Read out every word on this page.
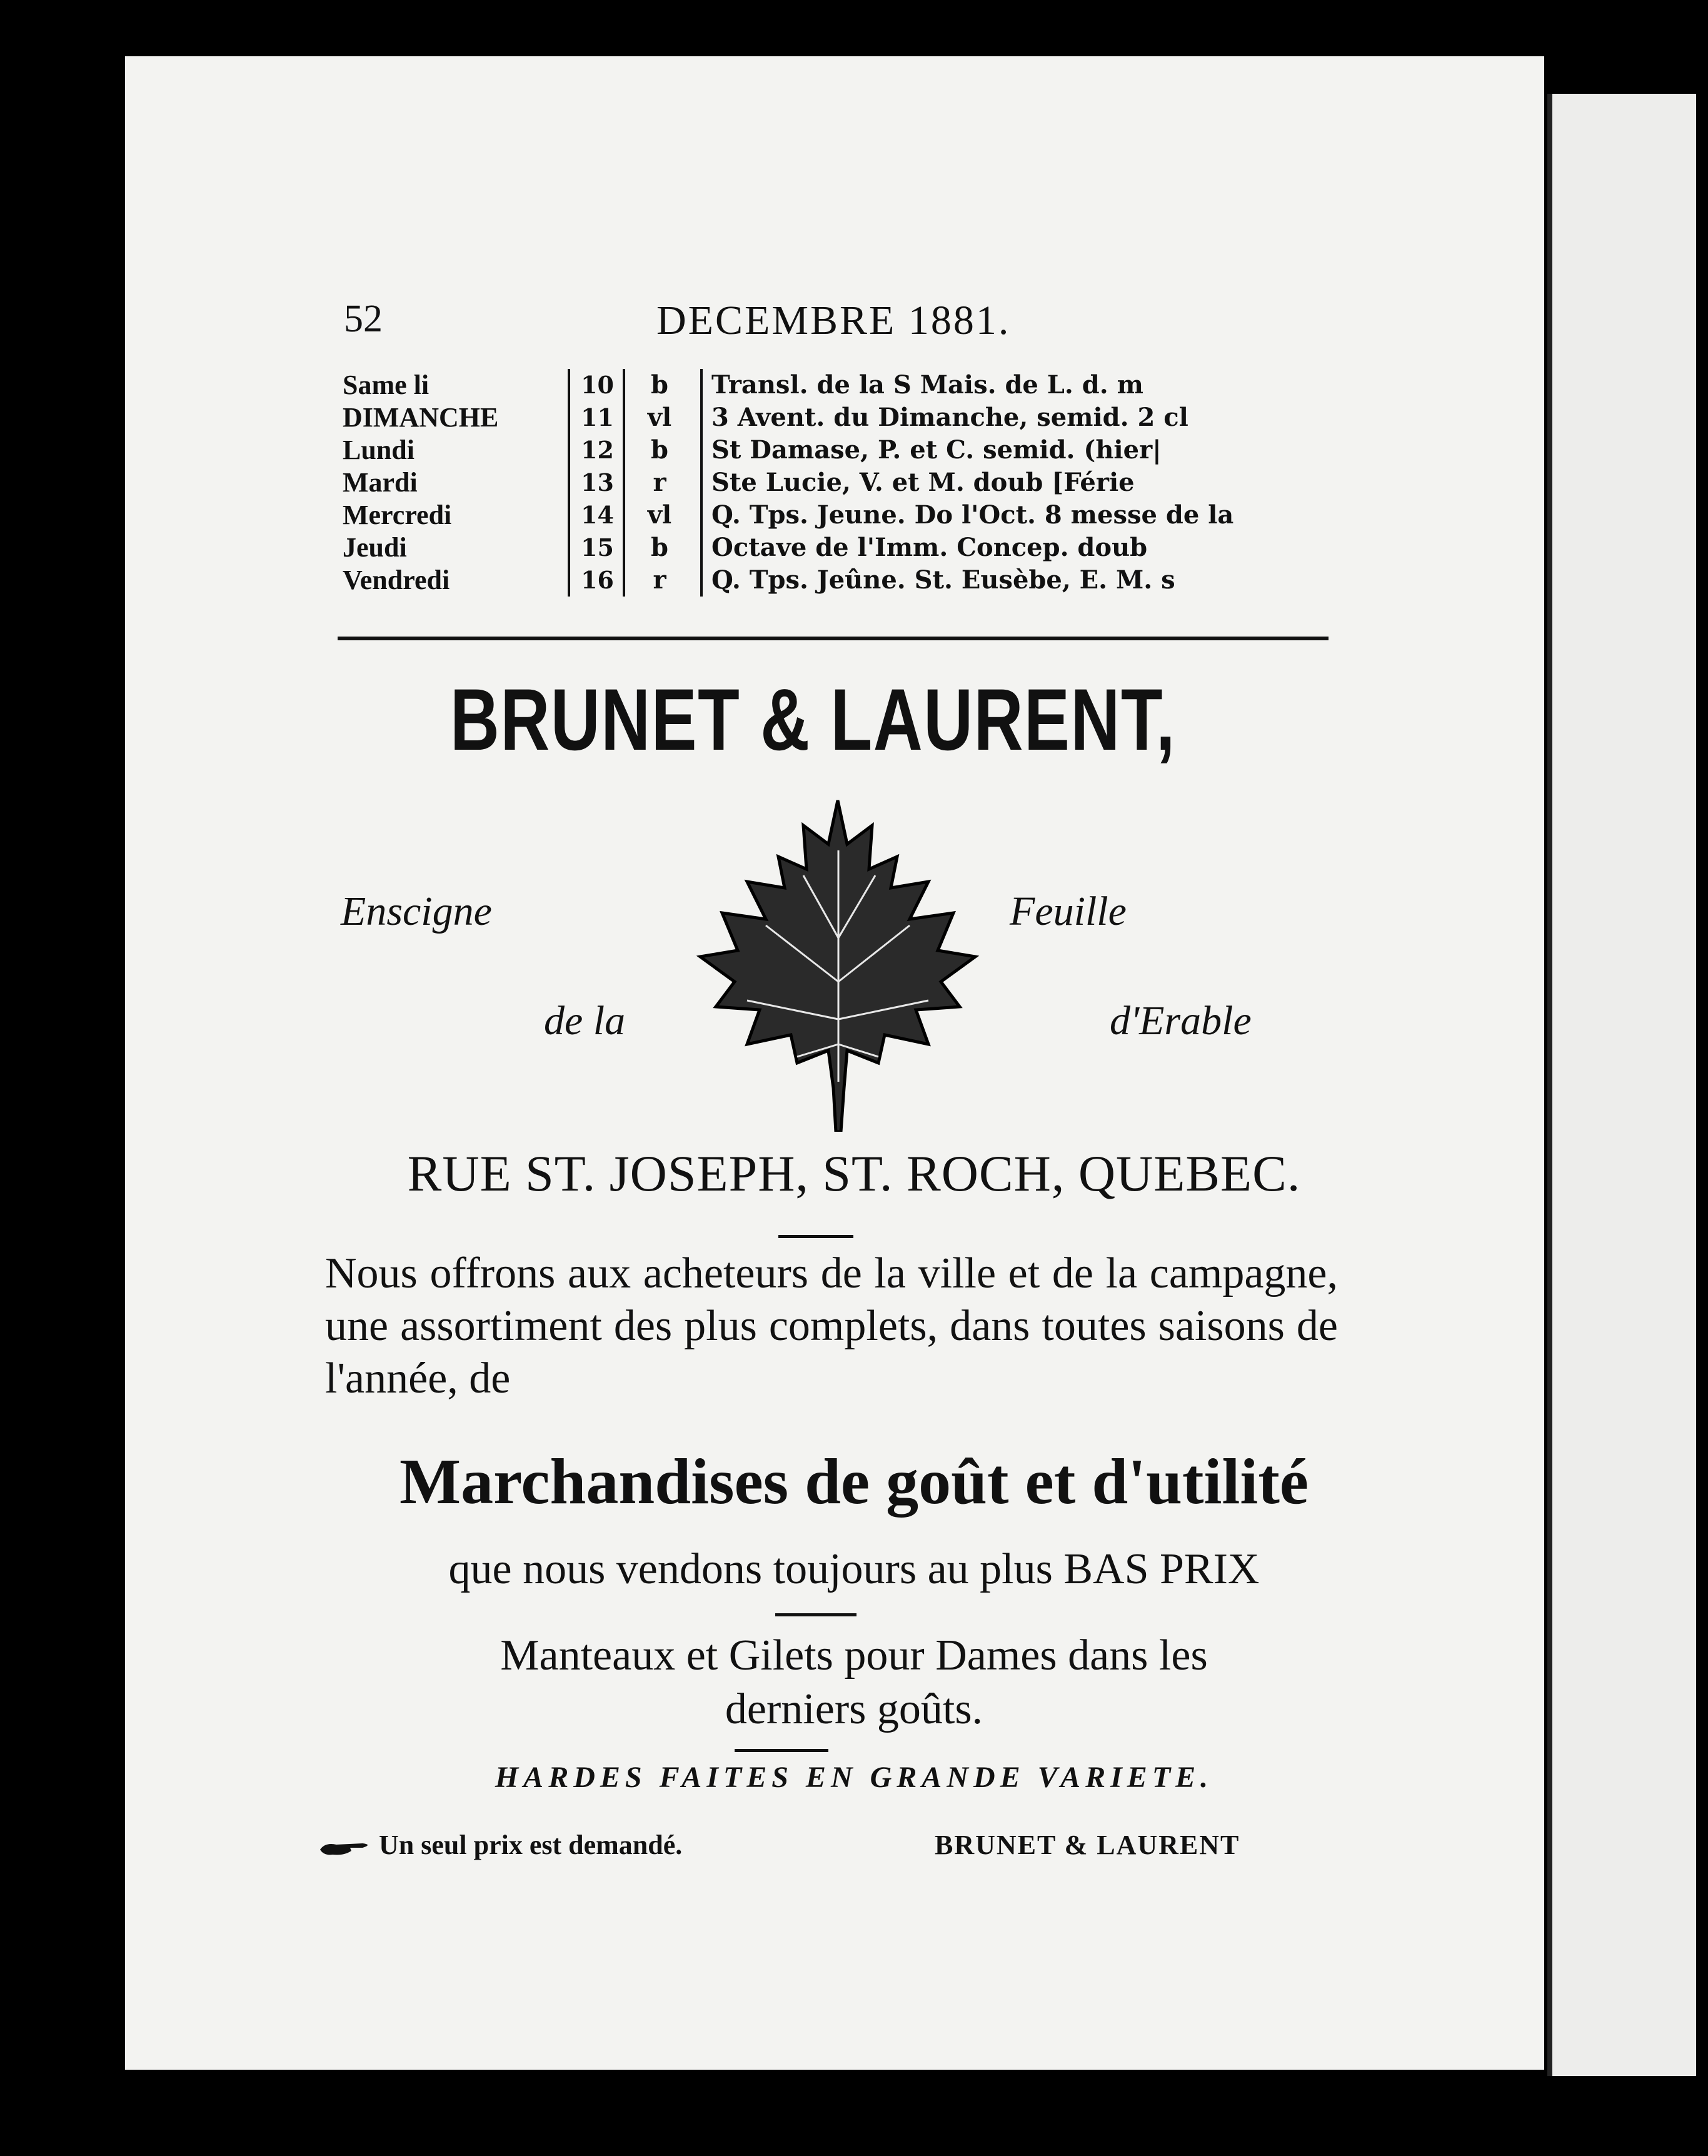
52	DECEMBRE 1881.
Same li	10	b	Transl. de la S Mais. de L. d. m
DIMANCHE	11	vl	3 Avent. du Dimanche, semid. 2 cl
Lundi	12	b	St Damase, P. et C. semid. (hier|
Mardi	13	r	Ste Lucie, V. et M. doub [Férie
Mercredi	14	vl	Q. Tps. Jeune. Do l'Oct. 8 messe de la
Jeudi	15	b	Octave de l'Imm. Concep. doub
Vendredi	16	r	Q. Tps. Jeûne. St. Eusèbe, E. M. s
BRUNET & LAURENT,
Enscigne
de la
Feuille
d'Erable
RUE ST. JOSEPH, ST. ROCH, QUEBEC.
Nous offrons aux acheteurs de la ville et de la campagne, une assortiment des plus complets, dans toutes saisons de l'année, de
Marchandises de goût et d'utilité
que nous vendons toujours au plus BAS PRIX
Manteaux et Gilets pour Dames dans les
derniers goûts.
HARDES FAITES EN GRANDE VARIETE.
Un seul prix est demandé.	BRUNET & LAURENT
